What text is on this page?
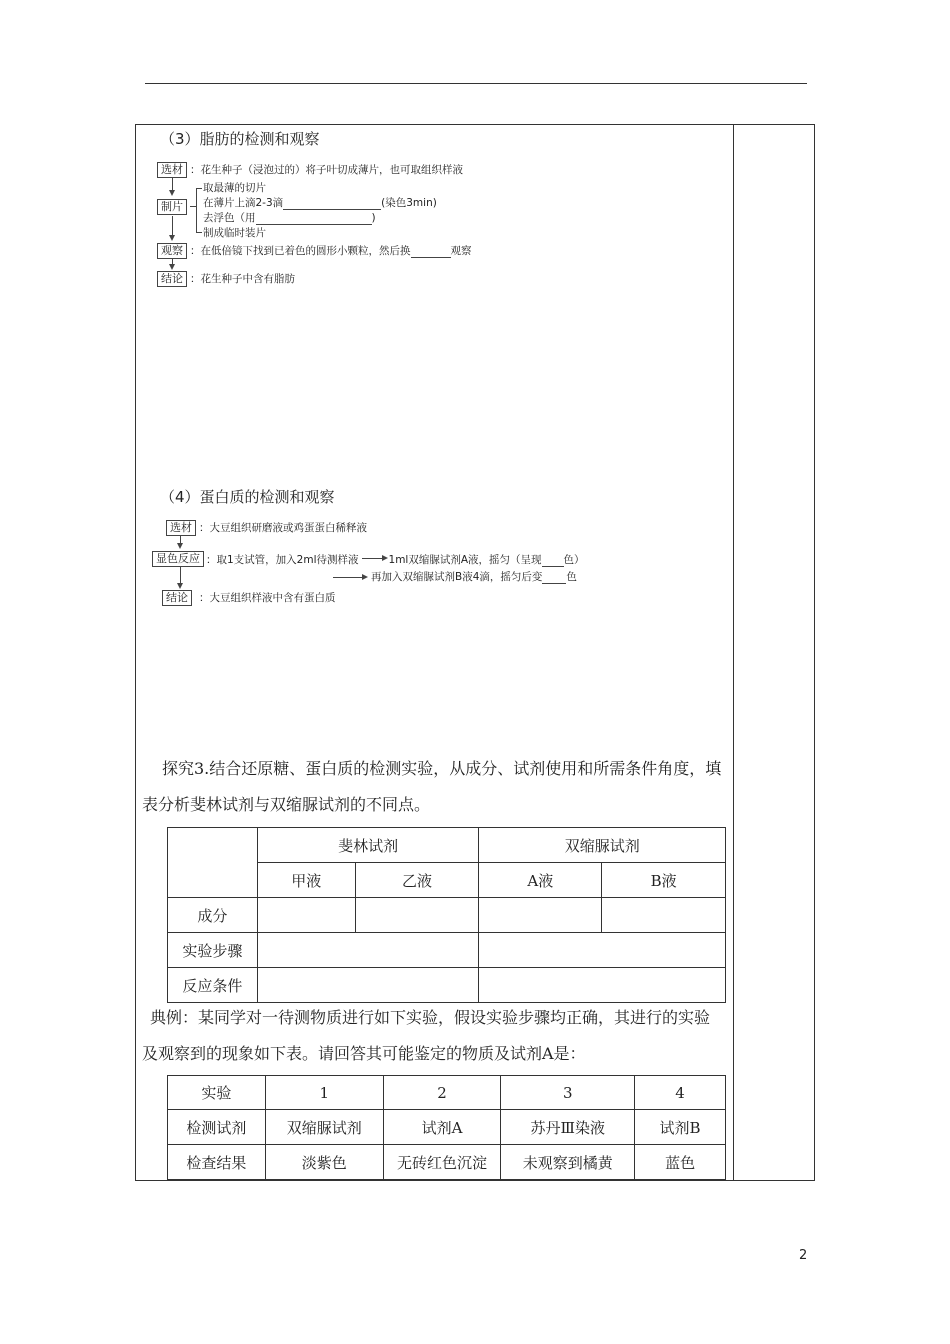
（3）脂肪的检测和观察
选材 ：花生种子（浸泡过的）将子叶切成薄片，也可取组织样液
制片
取最薄的切片
在薄片上滴2-3滴	(染色3min)
去浮色（用	)
制成临时装片
观察 ：在低倍镜下找到已着色的圆形小颗粒，然后换	观察
结论 ：花生种子中含有脂肪
（4）蛋白质的检测和观察
选材 ：大豆组织研磨液或鸡蛋蛋白稀释液
显色反应 ：取1支试管，加入2ml待测样液	1ml双缩脲试剂A液，摇匀（呈现 色）
再加入双缩脲试剂B液4滴，摇匀后变 色
结论	：大豆组织样液中含有蛋白质
探究3.结合还原糖、蛋白质的检测实验，从成分、试剂使用和所需条件角度，填
表分析斐林试剂与双缩脲试剂的不同点。
	斐林试剂		双缩脲试剂	
	甲液	乙液	A液	B液
成分				
实验步骤				
反应条件				
典例：某同学对一待测物质进行如下实验，假设实验步骤均正确，其进行的实验
及观察到的现象如下表。请回答其可能鉴定的物质及试剂A是：
实验	1	2	3	4
检测试剂	双缩脲试剂	试剂A	苏丹Ⅲ染液	试剂B
检查结果	淡紫色	无砖红色沉淀	未观察到橘黄	蓝色
2
